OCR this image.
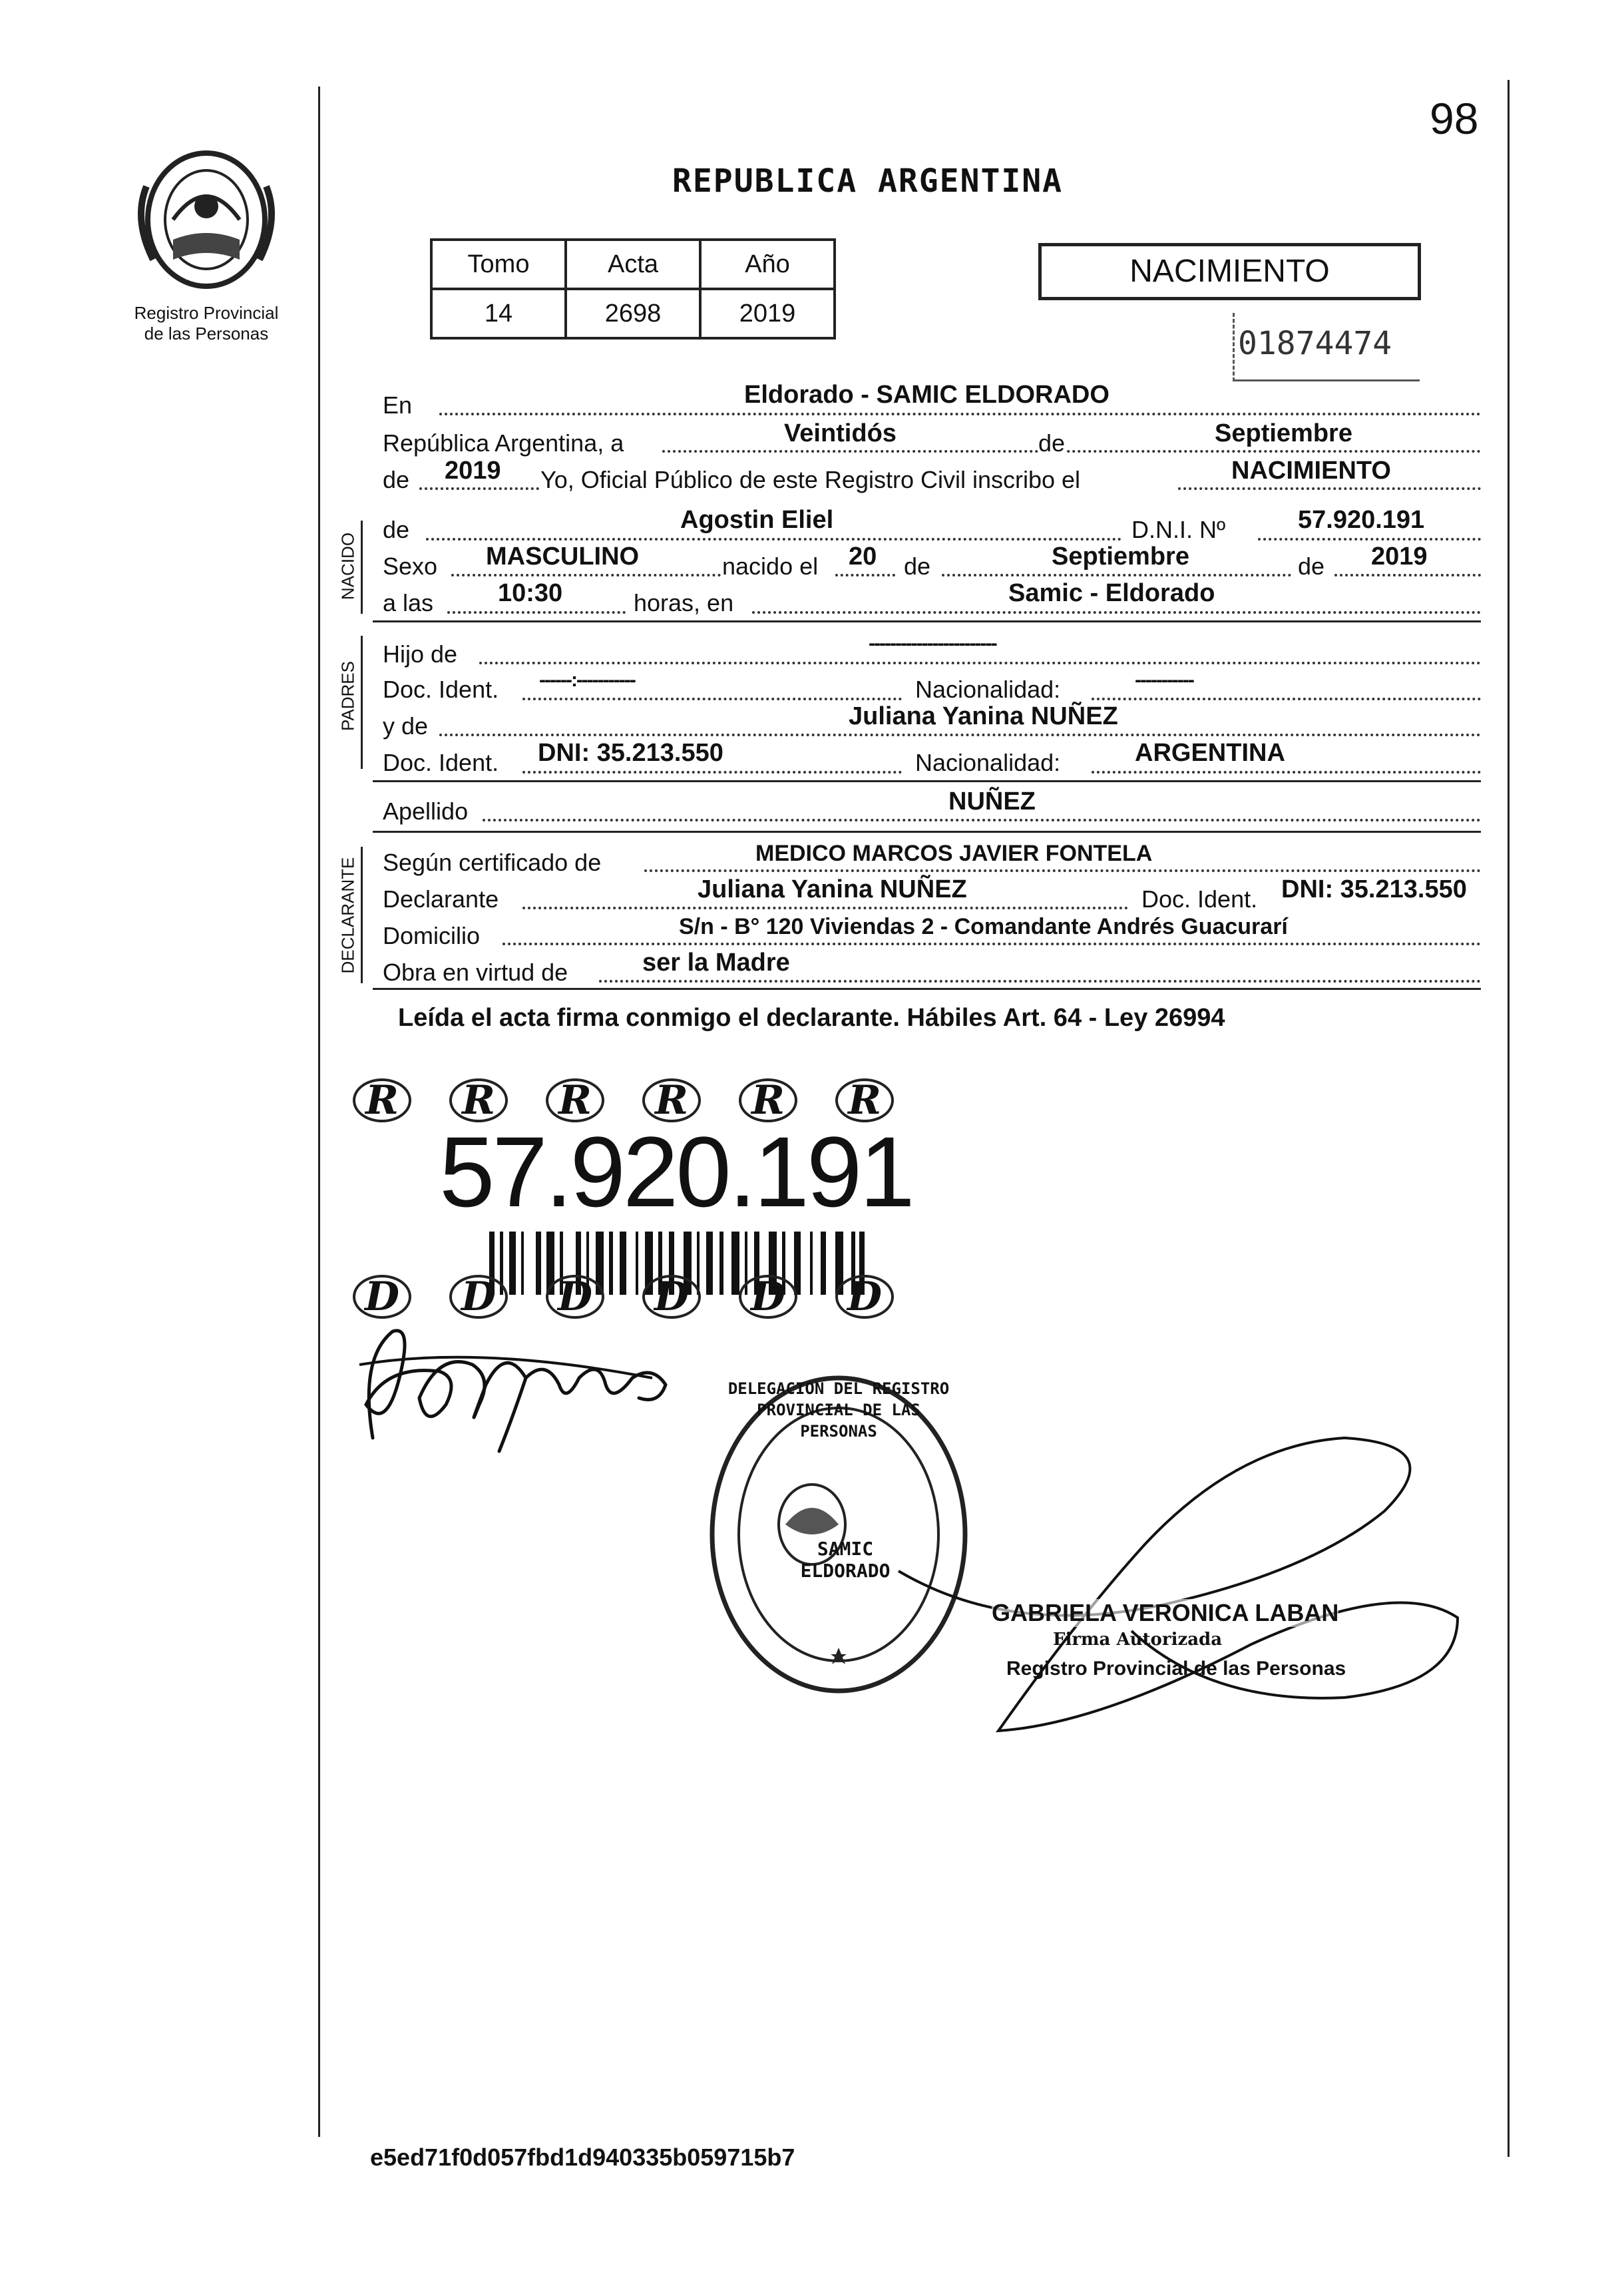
98
Registro Provincial
de las Personas
REPUBLICA ARGENTINA
Tomo	Acta	Año
14	2698	2019
NACIMIENTO
01874474
En	Eldorado - SAMIC ELDORADO
República Argentina, a	Veintidós	de	Septiembre
de 2019 Yo, Oficial Público de este Registro Civil inscribo el	NACIMIENTO
NACIDO
de	Agostin Eliel	D.N.I. Nº	57.920.191
Sexo MASCULINO	nacido el 20 de	Septiembre	de 2019
a las	10:30	horas, en	Samic - Eldorado
PADRES
Hijo de	------------------------
Doc. Ident. ------:-----------	Nacionalidad:	-----------
y de	Juliana Yanina NUÑEZ
Doc. Ident. DNI: 35.213.550	Nacionalidad:	ARGENTINA
Apellido	NUÑEZ
DECLARANTE Según certificado de	MEDICO MARCOS JAVIER FONTELA
Declarante	Juliana Yanina NUÑEZ	Doc. Ident. DNI: 35.213.550
Domicilio	S/n - B° 120 Viviendas 2 - Comandante Andrés Guacurarí
Obra en virtud de	ser la Madre
Leída el acta firma conmigo el declarante. Hábiles Art. 64 - Ley 26994
R	R	R	R	R	R
57.920.191
D D D D D D
DELEGACION DEL REGISTRO PROVINCIAL DE LAS PERSONAS
SAMIC ELDORADO
GABRIELA VERONICA LABAN
Firma Autorizada
Registro Provincial de las Personas
e5ed71f0d057fbd1d940335b059715b7
